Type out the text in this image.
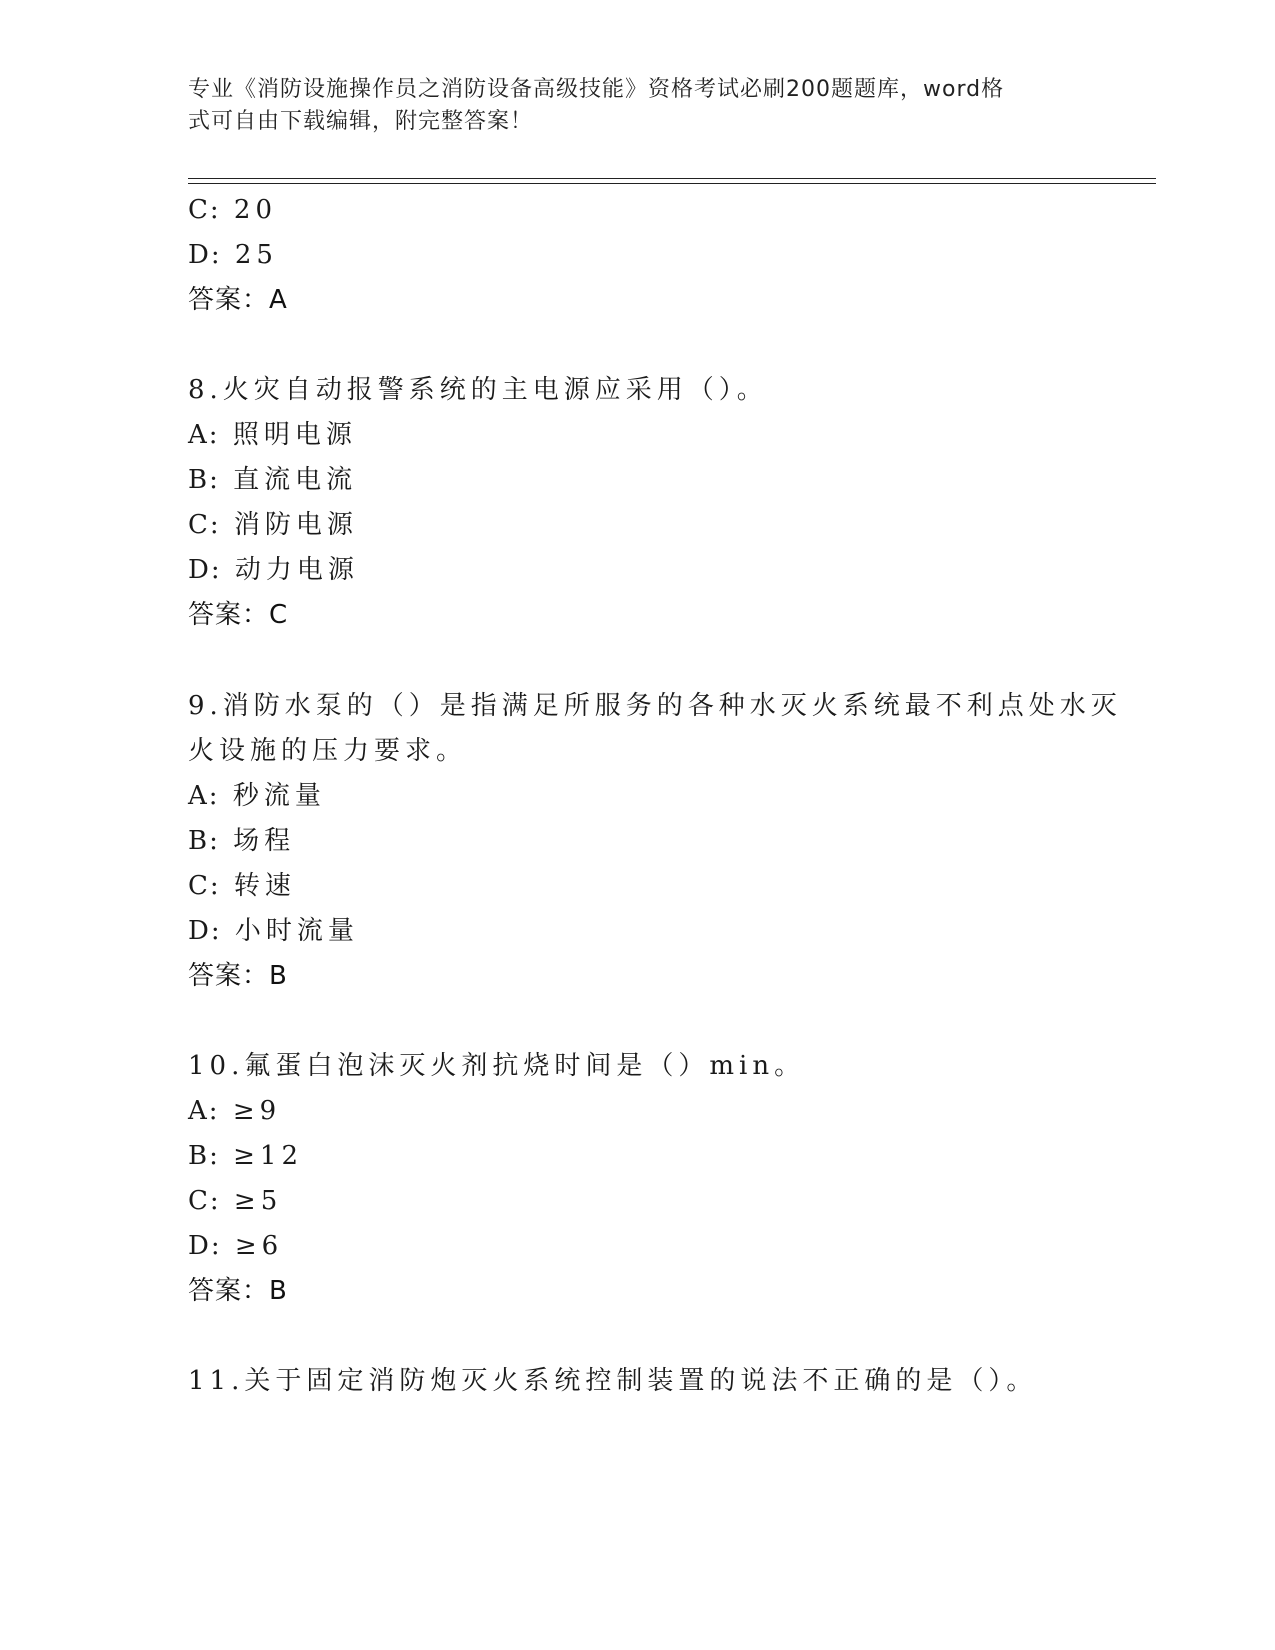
专业《消防设施操作员之消防设备高级技能》资格考试必刷200题题库，word格
式可自由下载编辑，附完整答案！
C: 20
D: 25
答案：A
8.火灾自动报警系统的主电源应采用（）。
A: 照明电源
B: 直流电流
C: 消防电源
D: 动力电源
答案：C
9.消防水泵的（）是指满足所服务的各种水灭火系统最不利点处水灭
火设施的压力要求。
A: 秒流量
B: 场程
C: 转速
D: 小时流量
答案：B
10.氟蛋白泡沫灭火剂抗烧时间是（）min。
A: ≥9
B: ≥12
C: ≥5
D: ≥6
答案：B
11.关于固定消防炮灭火系统控制装置的说法不正确的是（）。
